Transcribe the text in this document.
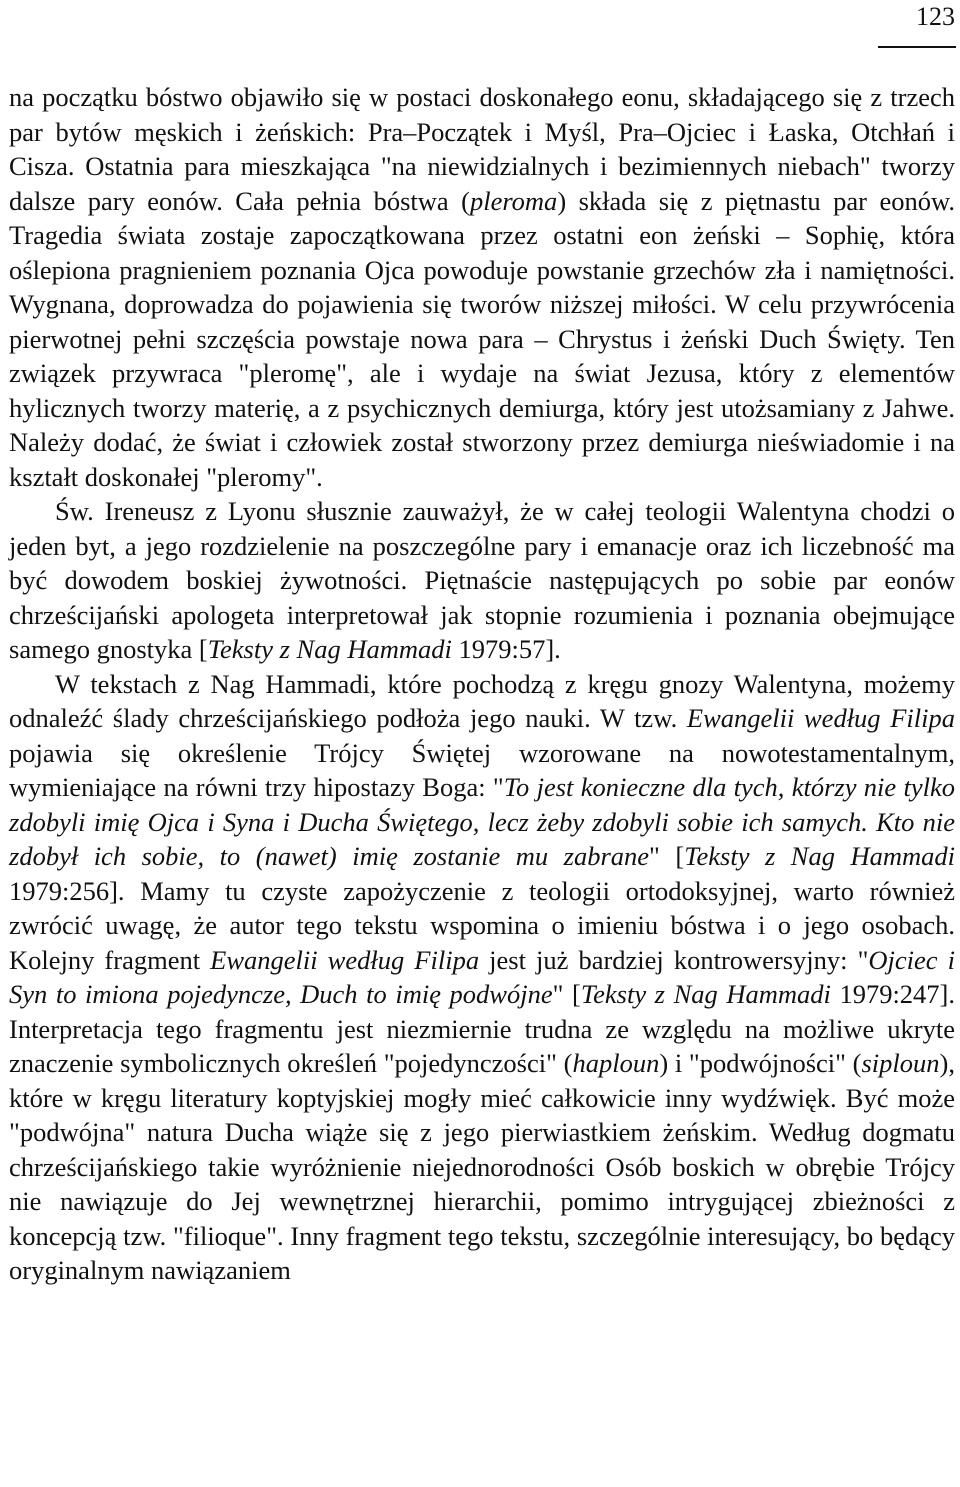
123

na początku bóstwo objawiło się w postaci doskonałego eonu, składającego się z trzech par bytów męskich i żeńskich: Pra–Początek i Myśl, Pra–Ojciec i Łaska, Otchłań i Cisza. Ostatnia para mieszkająca "na niewidzialnych i bezimiennych niebach" tworzy dalsze pary eonów. Cała pełnia bóstwa (pleroma) składa się z piętnastu par eonów. Tragedia świata zostaje zapoczątkowana przez ostatni eon żeński – Sophię, która oślepiona pragnieniem poznania Ojca powoduje powstanie grzechów zła i namiętności. Wygnana, doprowadza do pojawienia się tworów niższej miłości. W celu przywrócenia pierwotnej pełni szczęścia powstaje nowa para – Chrystus i żeński Duch Święty. Ten związek przywraca "pleromę", ale i wydaje na świat Jezusa, który z elementów hylicznych tworzy materię, a z psychicznych demiurga, który jest utożsamiany z Jahwe. Należy dodać, że świat i człowiek został stworzony przez demiurga nieświadomie i na kształt doskonałej "pleromy".

Św. Ireneusz z Lyonu słusznie zauważył, że w całej teologii Walentyna chodzi o jeden byt, a jego rozdzielenie na poszczególne pary i emanacje oraz ich liczebność ma być dowodem boskiej żywotności. Piętnaście następujących po sobie par eonów chrześcijański apologeta interpretował jak stopnie rozumienia i poznania obejmujące samego gnostyka [Teksty z Nag Hammadi 1979:57].

W tekstach z Nag Hammadi, które pochodzą z kręgu gnozy Walentyna, możemy odnaleźć ślady chrześcijańskiego podłoża jego nauki. W tzw. Ewangelii według Filipa pojawia się określenie Trójcy Świętej wzorowane na nowotestamentalnym, wymieniające na równi trzy hipostazy Boga: "To jest konieczne dla tych, którzy nie tylko zdobyli imię Ojca i Syna i Ducha Świętego, lecz żeby zdobyli sobie ich samych. Kto nie zdobył ich sobie, to (nawet) imię zostanie mu zabrane" [Teksty z Nag Hammadi 1979:256]. Mamy tu czyste zapożyczenie z teologii ortodoksyjnej, warto również zwrócić uwagę, że autor tego tekstu wspomina o imieniu bóstwa i o jego osobach. Kolejny fragment Ewangelii według Filipa jest już bardziej kontrowersyjny: "Ojciec i Syn to imiona pojedyncze, Duch to imię podwójne" [Teksty z Nag Hammadi 1979:247]. Interpretacja tego fragmentu jest niezmiernie trudna ze względu na możliwe ukryte znaczenie symbolicznych określeń "pojedynczości" (haploun) i "podwójności" (siploun), które w kręgu literatury koptyjskiej mogły mieć całkowicie inny wydźwięk. Być może "podwójna" natura Ducha wiąże się z jego pierwiastkiem żeńskim. Według dogmatu chrześcijańskiego takie wyróżnienie niejednorodności Osób boskich w obrębie Trójcy nie nawiązuje do Jej wewnętrznej hierarchii, pomimo intrygującej zbieżności z koncepcją tzw. "filioque". Inny fragment tego tekstu, szczególnie interesujący, bo będący oryginalnym nawiązaniem
